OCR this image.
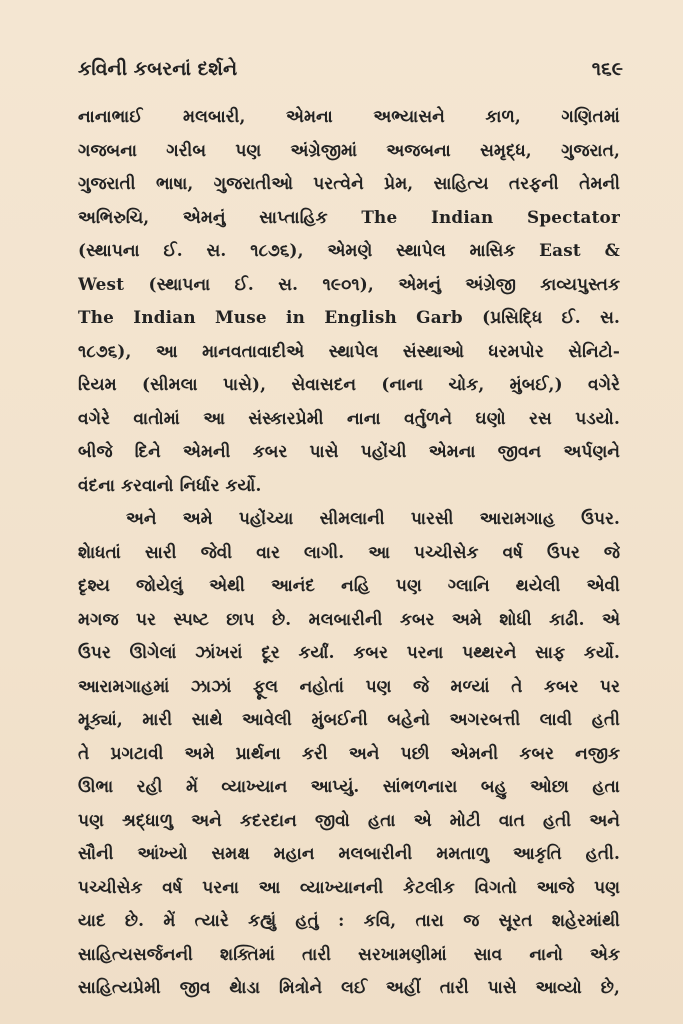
કવિની કબરનાં દર્શને	૧૬૯
નાનાભાઈ મલબારી, એમના અભ્યાસને કાળ, ગણિતમાં
ગજબના ગરીબ પણ અંગ્રેજીમાં અજબના સમૃદ્ધ, ગુજરાત,
ગુજરાતી ભાષા, ગુજરાતીઓ પરત્વેને પ્રેમ, સાહિત્ય તરફની તેમની
અભિરુચિ, એમનું સાપ્તાહિક The Indian Spectator
(સ્થાપના ઈ. સ. ૧૮૭૬), એમણે સ્થાપેલ માસિક East &
West (સ્થાપના ઈ. સ. ૧૯૦૧), એમનું અંગ્રેજી કાવ્યપુસ્તક
The Indian Muse in English Garb (પ્રસિદ્ધિ ઈ. સ.
૧૮૭૬), આ માનવતાવાદીએ સ્થાપેલ સંસ્થાઓ ધરમપોર સેનિટો-
રિયમ (સીમલા પાસે), સેવાસદન (નાના ચોક, મુંબઈ,) વગેરે
વગેરે વાતોમાં આ સંસ્કારપ્રેમી નાના વર્તુળને ઘણો રસ પડયો.
બીજે દિને એમની કબર પાસે પહોંચી એમના જીવન અર્પણને
વંદના કરવાનો નિર્ધાર કર્યો.
અને અમે પહોંચ્યા સીમલાની પારસી આરામગાહ ઉપર.
શેાધતાં સારી જેવી વાર લાગી. આ પચ્ચીસેક વર્ષ ઉપર જે
દૃશ્ય જોયેલું એથી આનંદ નહિ પણ ગ્લાનિ થયેલી એવી
મગજ પર સ્પષ્ટ છાપ છે. મલબારીની કબર અમે શોધી કાઢી. એ
ઉપર ઊગેલાં ઝાંખરાં દૂર કર્યાં. કબર પરના પથ્થરને સાફ કર્યો.
આરામગાહમાં ઝાઝાં ફૂલ નહોતાં પણ જે મળ્યાં તે કબર પર
મૂક્યાં, મારી સાથે આવેલી મુંબઈની બહેનો અગરબત્તી લાવી હતી
તે પ્રગટાવી અમે પ્રાર્થના કરી અને પછી એમની કબર નજીક
ઊભા રહી મેં વ્યાખ્યાન આપ્યું. સાંભળનારા બહુ ઓછા હતા
પણ શ્રદ્ધાળુ અને કદરદાન જીવો હતા એ મોટી વાત હતી અને
સૌની આંખ્યો સમક્ષ મહાન મલબારીની મમતાળુ આકૃતિ હતી.
પચ્ચીસેક વર્ષ પરના આ વ્યાખ્યાનની કેટલીક વિગતો આજે પણ
યાદ છે. મેં ત્યારે કહ્યું હતું : કવિ, તારા જ સૂરત શહેરમાંથી
સાહિત્યસર્જનની શક્તિમાં તારી સરખામણીમાં સાવ નાનો એક
સાહિત્યપ્રેમી જીવ થેાડા મિત્રોને લઈ અહીં તારી પાસે આવ્યો છે,
